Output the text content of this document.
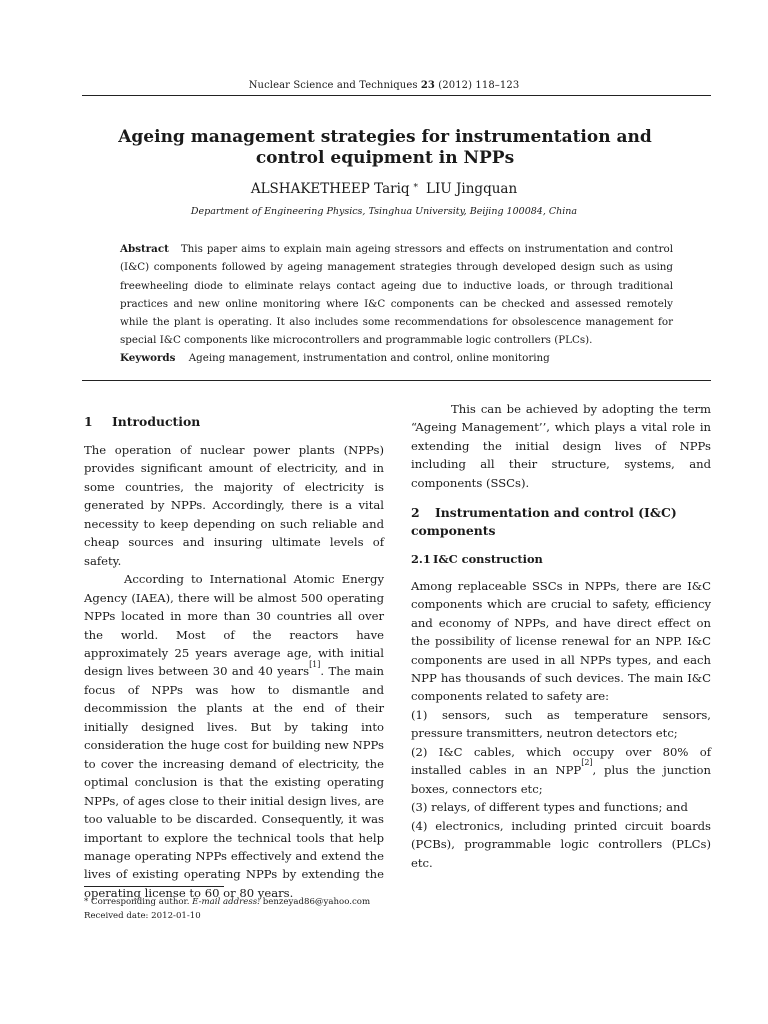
Nuclear Science and Techniques 23 (2012) 118–123
Ageing management strategies for instrumentation and control equipment in NPPs
ALSHAKETHEEP Tariq * LIU Jingquan
Department of Engineering Physics, Tsinghua University, Beijing 100084, China
Abstract This paper aims to explain main ageing stressors and effects on instrumentation and control (I&C) components followed by ageing management strategies through developed design such as using freewheeling diode to eliminate relays contact ageing due to inductive loads, or through traditional practices and new online monitoring where I&C components can be checked and assessed remotely while the plant is operating. It also includes some recommendations for obsolescence management for special I&C components like microcontrollers and programmable logic controllers (PLCs).
Keywords Ageing management, instrumentation and control, online monitoring
1 Introduction

The operation of nuclear power plants (NPPs) provides significant amount of electricity, and in some countries, the majority of electricity is generated by NPPs. Accordingly, there is a vital necessity to keep depending on such reliable and cheap sources and insuring ultimate levels of safety.

According to International Atomic Energy Agency (IAEA), there will be almost 500 operating NPPs located in more than 30 countries all over the world. Most of the reactors have approximately 25 years average age, with initial design lives between 30 and 40 years[1]. The main focus of NPPs was how to dismantle and decommission the plants at the end of their initially designed lives. But by taking into consideration the huge cost for building new NPPs to cover the increasing demand of electricity, the optimal conclusion is that the existing operating NPPs, of ages close to their initial design lives, are too valuable to be discarded. Consequently, it was important to explore the technical tools that help manage operating NPPs effectively and extend the lives of existing operating NPPs by extending the operating license to 60 or 80 years.

This can be achieved by adopting the term “Ageing Management’’, which plays a vital role in extending the initial design lives of NPPs including all their structure, systems, and components (SSCs).

2 Instrumentation and control (I&C) components
2.1 I&C construction

Among replaceable SSCs in NPPs, there are I&C components which are crucial to safety, efficiency and economy of NPPs, and have direct effect on the possibility of license renewal for an NPP. I&C components are used in all NPPs types, and each NPP has thousands of such devices. The main I&C components related to safety are:

(1) sensors, such as temperature sensors, pressure transmitters, neutron detectors etc;

(2) I&C cables, which occupy over 80% of installed cables in an NPP[2], plus the junction boxes, connectors etc;

(3) relays, of different types and functions; and

(4) electronics, including printed circuit boards (PCBs), programmable logic controllers (PLCs) etc.

* Corresponding author. E-mail address: benzeyad86@yahoo.com
Received date: 2012-01-10
